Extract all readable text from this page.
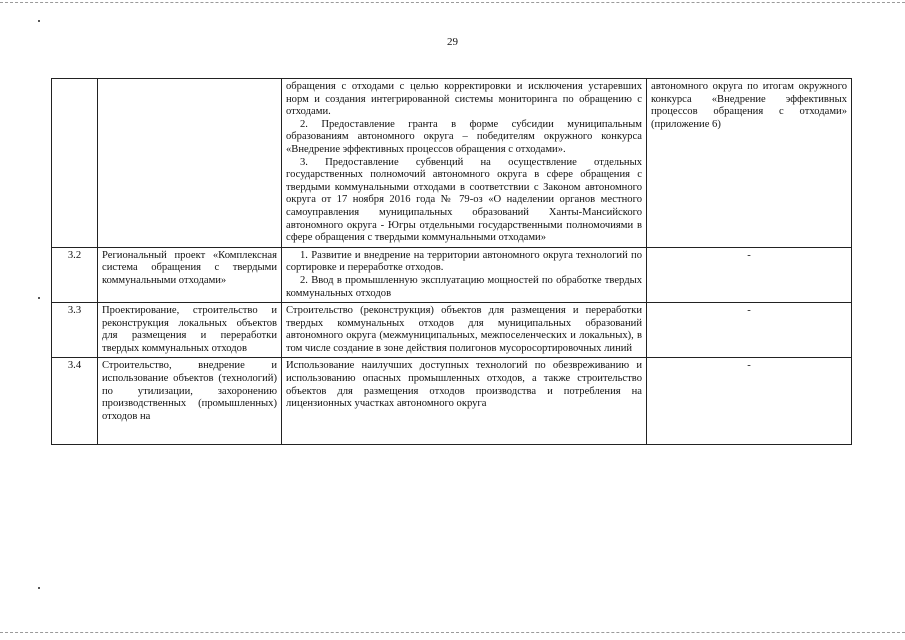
29

		обращения с отходами с целью корректировки и исключения устаревших норм и создания интегрированной системы мониторинга по обращению с отходами.

2. Предоставление гранта в форме субсидии муниципальным образованиям автономного округа – победителям окружного конкурса «Внедрение эффективных процессов обращения с отходами».

3. Предоставление субвенций на осуществление отдельных государственных полномочий автономного округа в сфере обращения с твердыми коммунальными отходами в соответствии с Законом автономного округа от 17 ноября 2016 года № 79-оз «О наделении органов местного самоуправления муниципальных образований Ханты-Мансийского автономного округа - Югры отдельными государственными полномочиями в сфере обращения с твердыми коммунальными отходами»	автономного округа по итогам окружного конкурса «Внедрение эффективных процессов обращения с отходами» (приложение 6)
3.2	Региональный проект «Комплексная система обращения с твердыми коммунальными отходами»	1. Развитие и внедрение на территории автономного округа технологий по сортировке и переработке отходов.

2. Ввод в промышленную эксплуатацию мощностей по обработке твердых коммунальных отходов	-
3.3	Проектирование, строительство и реконструкция локальных объектов для размещения и переработки твердых коммунальных отходов	Строительство (реконструкция) объектов для размещения и переработки твердых коммунальных отходов для муниципальных образований автономного округа (межмуниципальных, межпоселенческих и локальных), в том числе создание в зоне действия полигонов мусоросортировочных линий	-
3.4	Строительство, внедрение и использование объектов (технологий) по утилизации, захоронению производственных (промышленных) отходов на	Использование наилучших доступных технологий по обезвреживанию и использованию опасных промышленных отходов, а также строительство объектов для размещения отходов производства и потребления на лицензионных участках автономного округа	-
